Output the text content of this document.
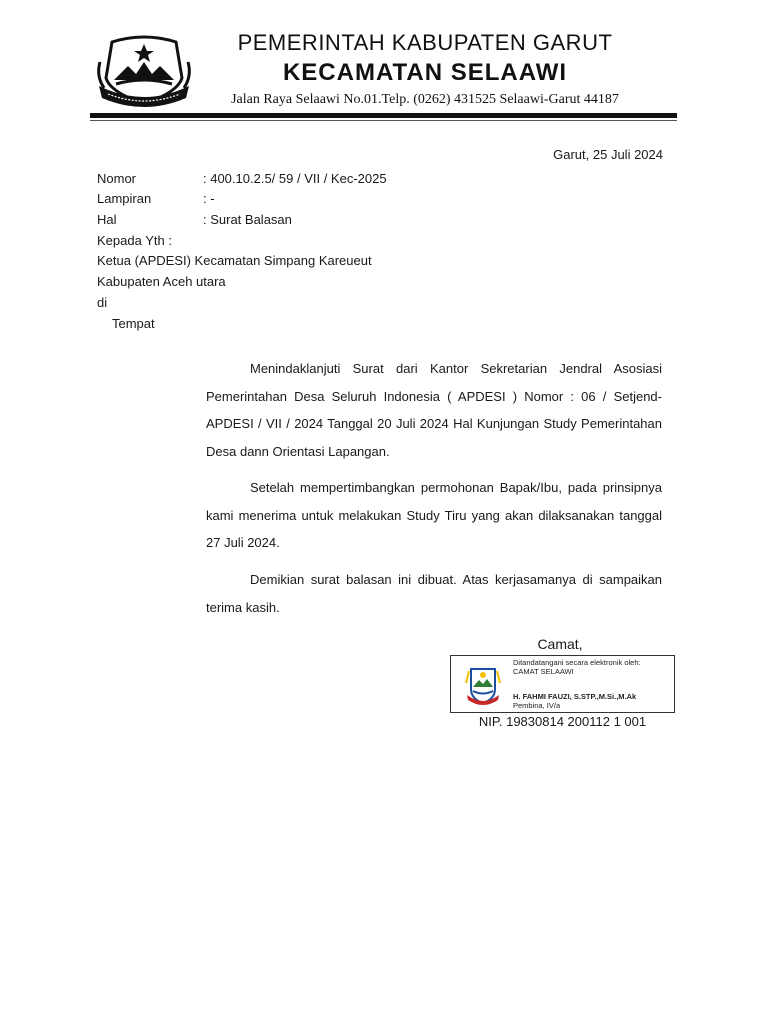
PEMERINTAH KABUPATEN GARUT
KECAMATAN SELAAWI
Jalan Raya Selaawi No.01.Telp. (0262) 431525 Selaawi-Garut 44187
Garut, 25 Juli 2024
Nomor	: 400.10.2.5/ 59 / VII / Kec-2025
Lampiran	: -
Hal	: Surat Balasan
Kepada Yth :
Ketua (APDESI) Kecamatan Simpang Kareueut
Kabupaten Aceh utara
di
Tempat
Menindaklanjuti Surat dari Kantor Sekretarian Jendral Asosiasi Pemerintahan Desa Seluruh Indonesia ( APDESI ) Nomor : 06 / Setjend-APDESI / VII / 2024 Tanggal 20 Juli 2024 Hal Kunjungan Study Pemerintahan Desa dann Orientasi Lapangan.
Setelah mempertimbangkan permohonan Bapak/Ibu, pada prinsipnya kami menerima untuk melakukan Study Tiru yang akan dilaksanakan tanggal 27 Juli 2024.
Demikian surat balasan ini dibuat. Atas kerjasamanya di sampaikan terima kasih.
Camat,
Ditandatangani secara elektronik oleh:
CAMAT SELAAWI
H. FAHMI FAUZI, S.STP.,M.Si.,M.Ak
Pembina, IV/a
NIP. 19830814 200112 1 001
